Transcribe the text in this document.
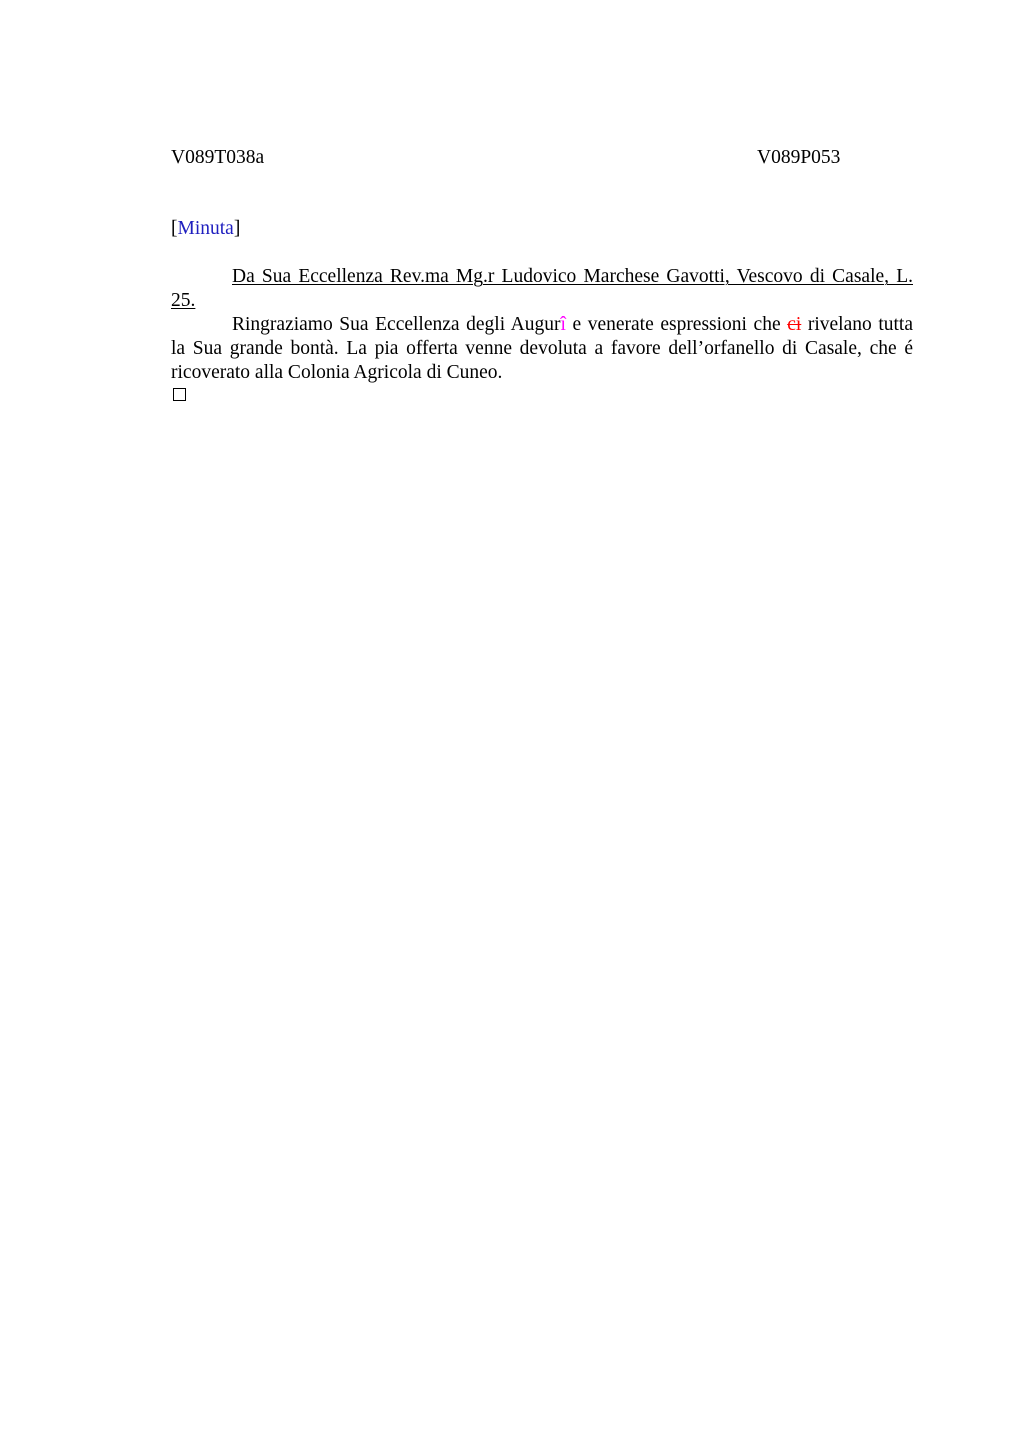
V089T038a	V089P053
[Minuta]

Da Sua Eccellenza Rev.ma Mg.r Ludovico Marchese Gavotti, Vescovo di Casale, L. 25.

Ringraziamo Sua Eccellenza degli Augurî e venerate espressioni che ci rivelano tutta la Sua grande bontà. La pia offerta venne devoluta a favore dell’orfanello di Casale, che é ricoverato alla Colonia Agricola di Cuneo.
